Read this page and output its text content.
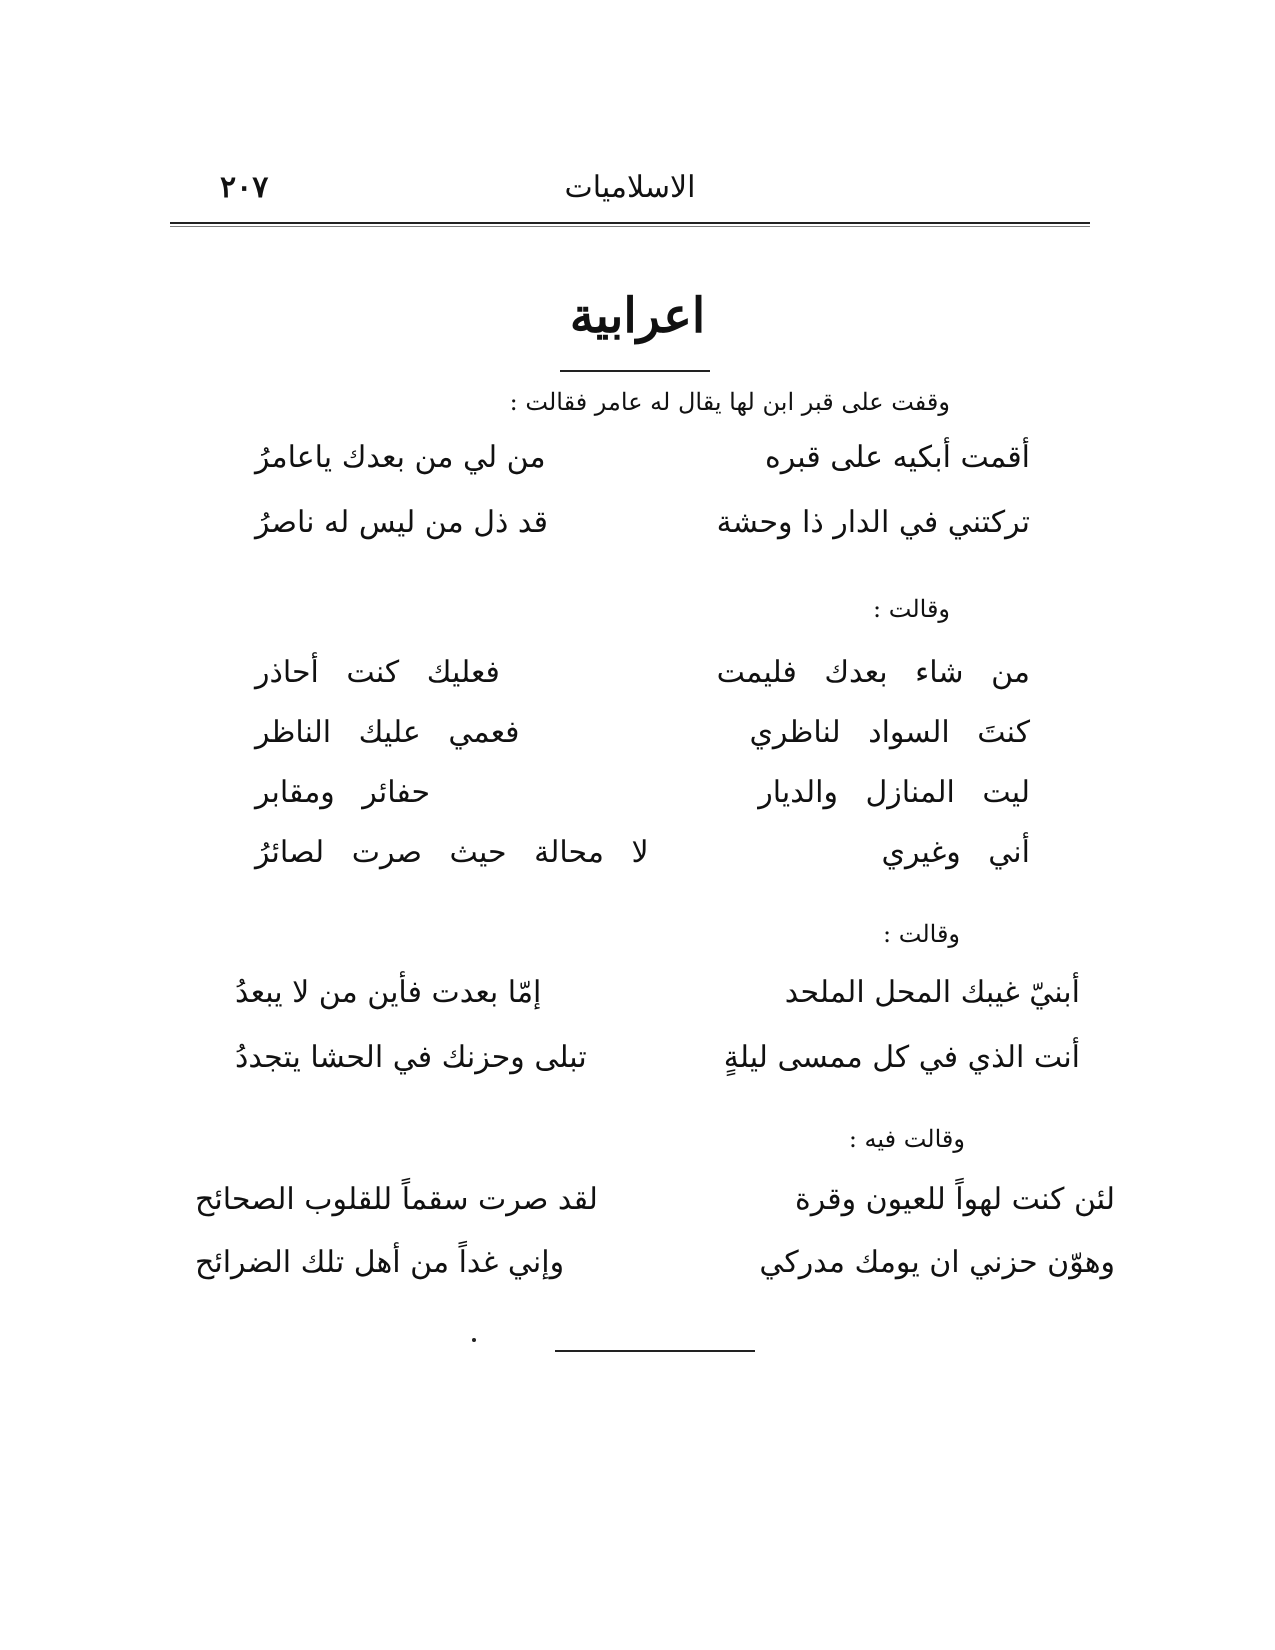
الاسلاميات
٢٠٧
اعرابية
وقفت على قبر ابن لها يقال له عامر فقالت :
أقمت أبكيه على قبره
من لي من بعدك ياعامرُ
تركتني في الدار ذا وحشة
قد ذل من ليس له ناصرُ
وقالت :
من شاء بعدك فليمت
فعليك كنت أحاذر
كنتَ السواد لناظري
فعمي عليك الناظر
ليت المنازل والديار
حفائر ومقابر
أني وغيري
لا محالة حيث صرت لصائرُ
وقالت :
أبنيّ غيبك المحل الملحد
إمّا بعدت فأين من لا يبعدُ
أنت الذي في كل ممسى ليلةٍ
تبلى وحزنك في الحشا يتجددُ
وقالت فيه :
لئن كنت لهواً للعيون وقرة
لقد صرت سقماً للقلوب الصحائح
وهوّن حزني ان يومك مدركي
وإني غداً من أهل تلك الضرائح
